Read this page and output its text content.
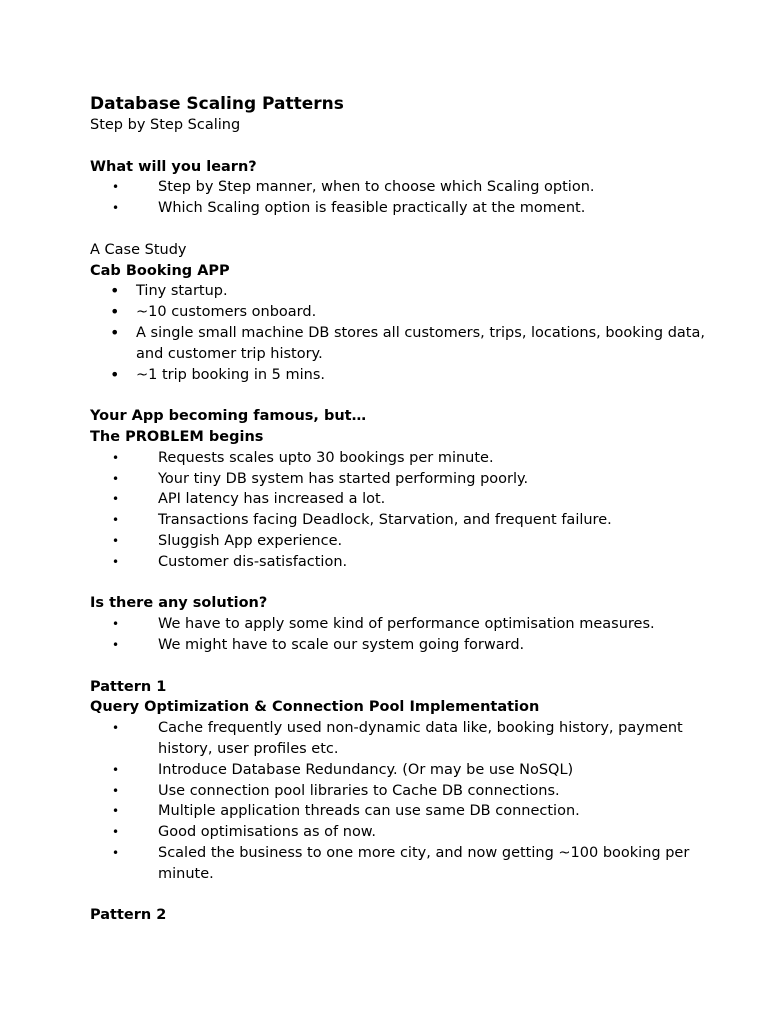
Database Scaling Patterns

Step by Step Scaling

What will you learn?

•	Step by Step manner, when to choose which Scaling option.
•	Which Scaling option is feasible practically at the moment.

A Case Study

Cab Booking APP

• Tiny startup.
• ~10 customers onboard.
• A single small machine DB stores all customers, trips, locations, booking data, and customer trip history.
• ~1 trip booking in 5 mins.

Your App becoming famous, but…

The PROBLEM begins

•	Requests scales upto 30 bookings per minute.
•	Your tiny DB system has started performing poorly.
•	API latency has increased a lot.
•	Transactions facing Deadlock, Starvation, and frequent failure.
•	Sluggish App experience.
•	Customer dis-satisfaction.

Is there any solution?

•	We have to apply some kind of performance optimisation measures.
•	We might have to scale our system going forward.

Pattern 1

Query Optimization & Connection Pool Implementation

•	Cache frequently used non-dynamic data like, booking history, payment history, user profiles etc.
•	Introduce Database Redundancy. (Or may be use NoSQL)
•	Use connection pool libraries to Cache DB connections.
•	Multiple application threads can use same DB connection.
•	Good optimisations as of now.
•	Scaled the business to one more city, and now getting ~100 booking per minute.

Pattern 2
